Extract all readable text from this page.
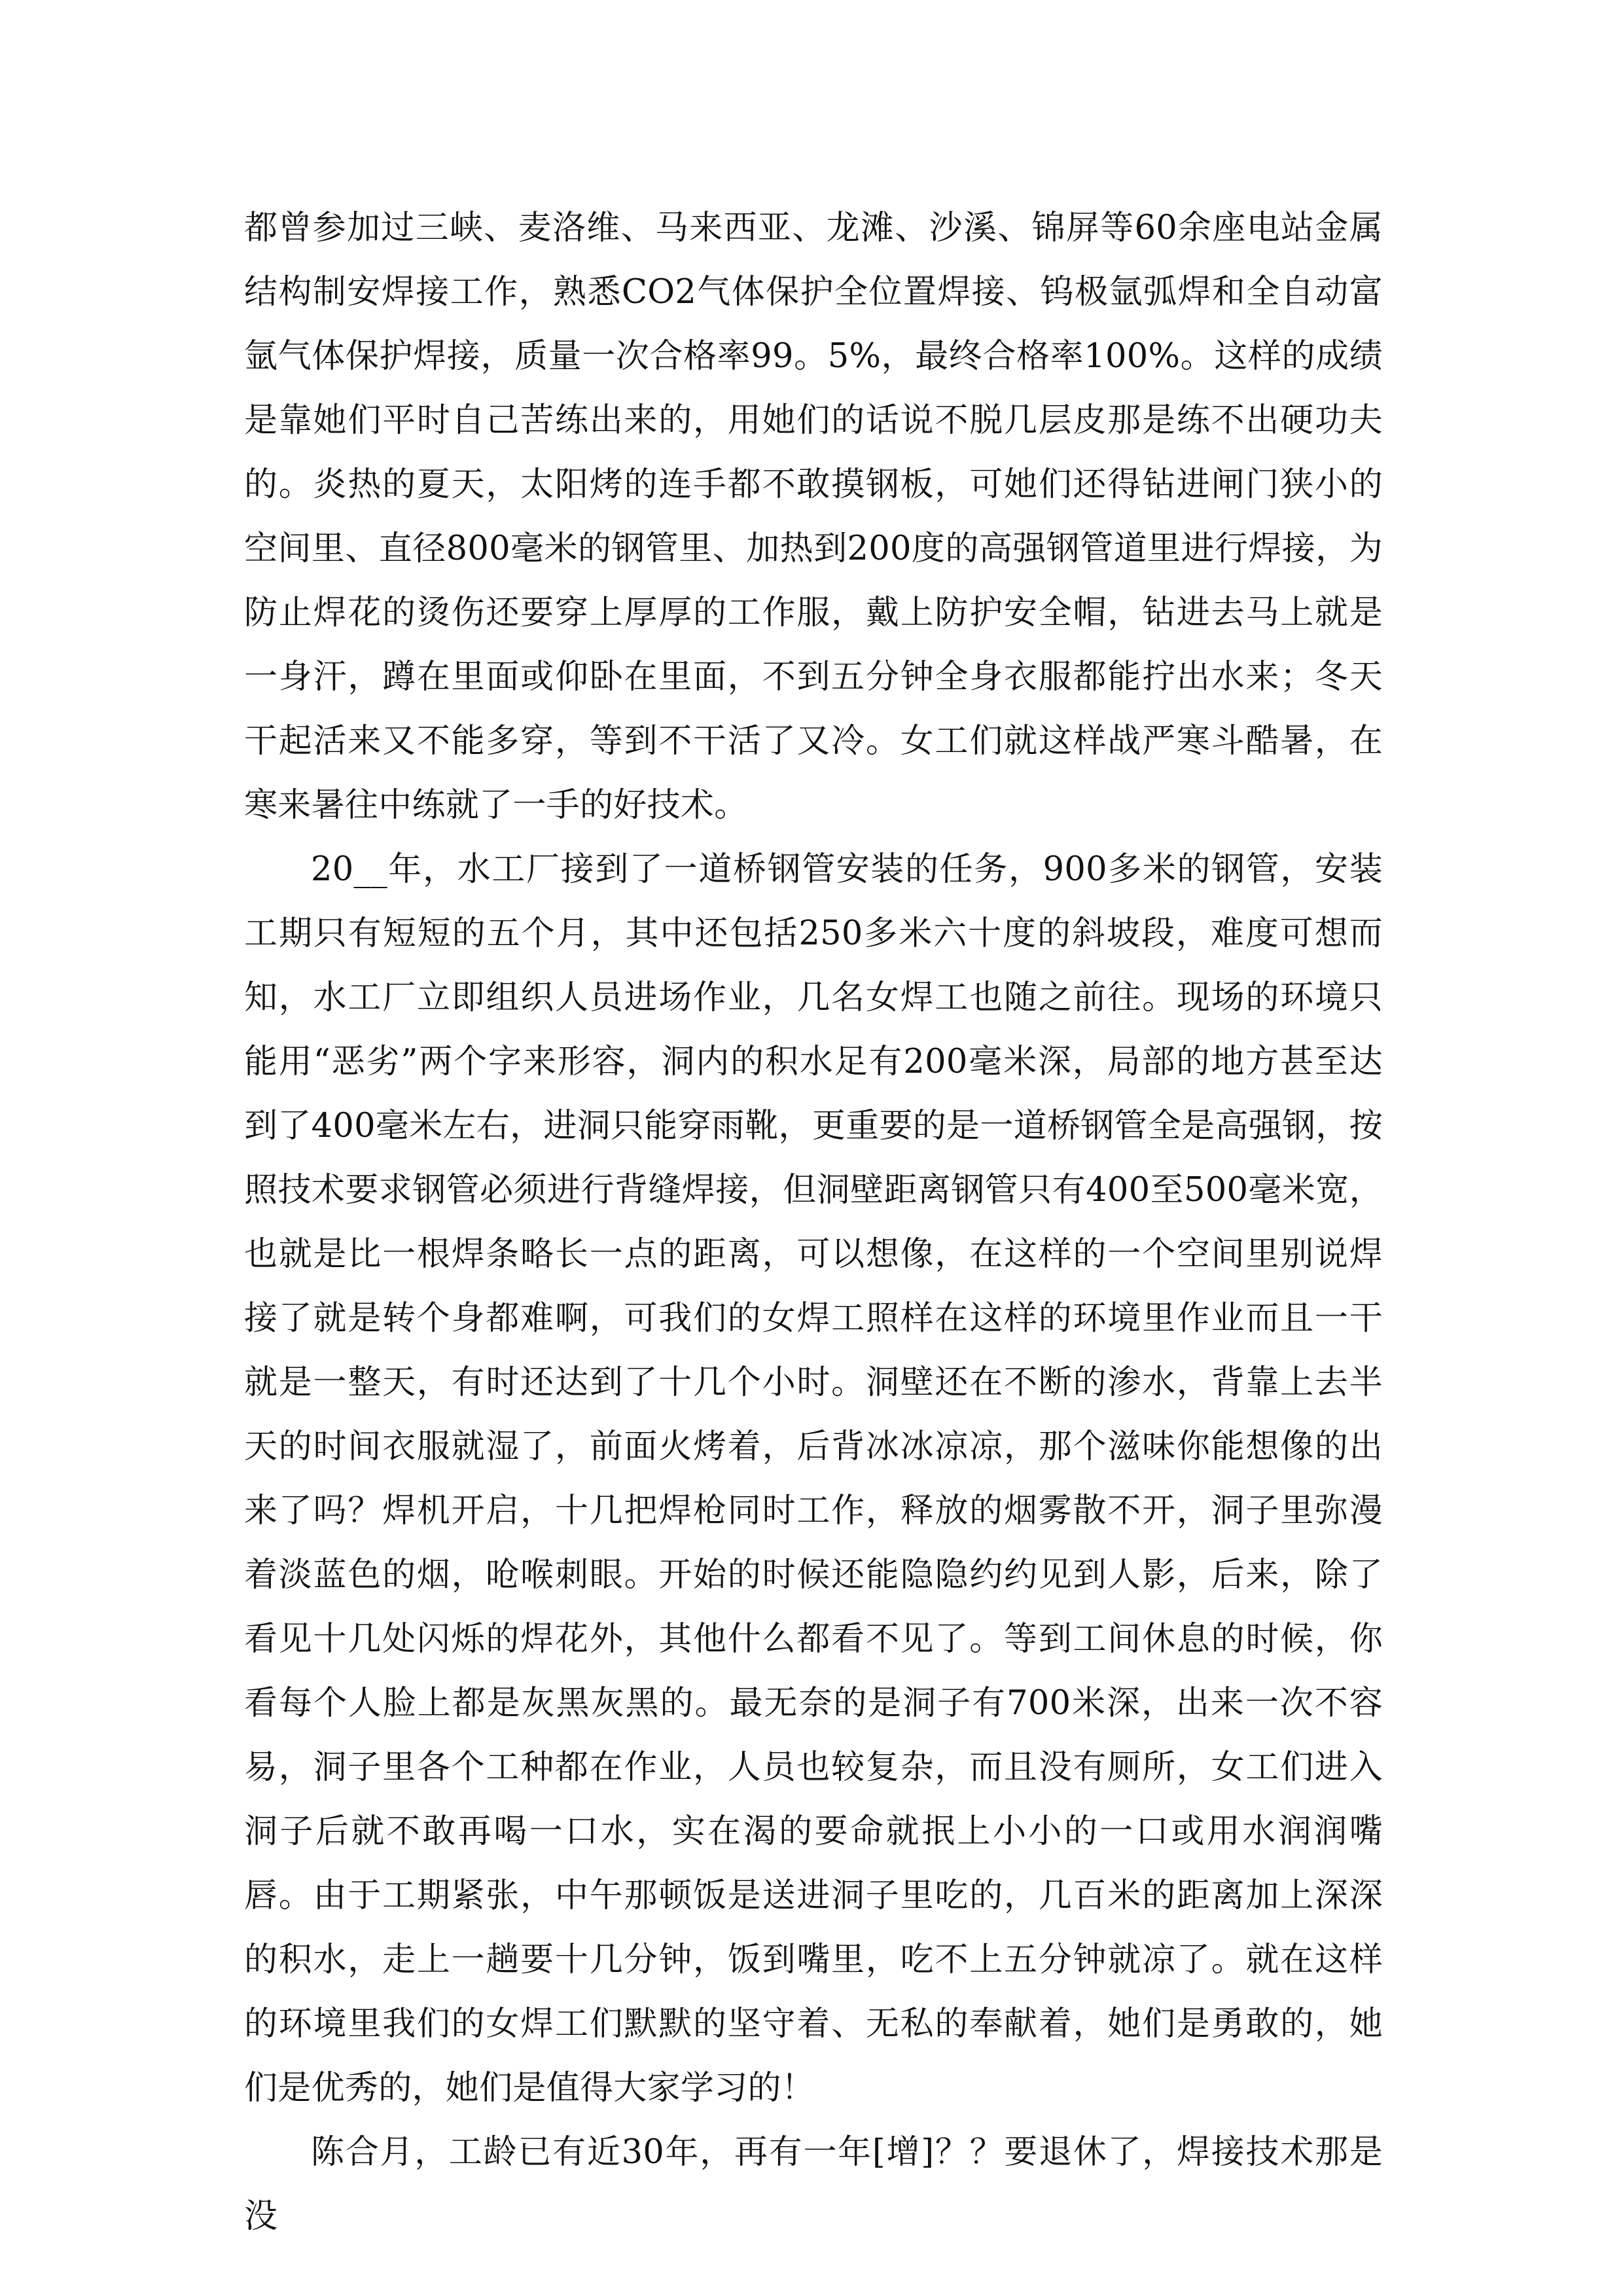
都曾参加过三峡、麦洛维、马来西亚、龙滩、沙溪、锦屏等60余座电站金属结构制安焊接工作，熟悉CO2气体保护全位置焊接、钨极氩弧焊和全自动富氩气体保护焊接，质量一次合格率99。5%，最终合格率100%。这样的成绩是靠她们平时自己苦练出来的，用她们的话说不脱几层皮那是练不出硬功夫的。炎热的夏天，太阳烤的连手都不敢摸钢板，可她们还得钻进闸门狭小的空间里、直径800毫米的钢管里、加热到200度的高强钢管道里进行焊接，为防止焊花的烫伤还要穿上厚厚的工作服，戴上防护安全帽，钻进去马上就是一身汗，蹲在里面或仰卧在里面，不到五分钟全身衣服都能拧出水来；冬天干起活来又不能多穿，等到不干活了又冷。女工们就这样战严寒斗酷暑，在寒来暑往中练就了一手的好技术。

20__年，水工厂接到了一道桥钢管安装的任务，900多米的钢管，安装工期只有短短的五个月，其中还包括250多米六十度的斜坡段，难度可想而知，水工厂立即组织人员进场作业，几名女焊工也随之前往。现场的环境只能用“恶劣”两个字来形容，洞内的积水足有200毫米深，局部的地方甚至达到了400毫米左右，进洞只能穿雨靴，更重要的是一道桥钢管全是高强钢，按照技术要求钢管必须进行背缝焊接，但洞壁距离钢管只有400至500毫米宽，也就是比一根焊条略长一点的距离，可以想像，在这样的一个空间里别说焊接了就是转个身都难啊，可我们的女焊工照样在这样的环境里作业而且一干就是一整天，有时还达到了十几个小时。洞壁还在不断的渗水，背靠上去半天的时间衣服就湿了，前面火烤着，后背冰冰凉凉，那个滋味你能想像的出来了吗？焊机开启，十几把焊枪同时工作，释放的烟雾散不开，洞子里弥漫着淡蓝色的烟，呛喉刺眼。开始的时候还能隐隐约约见到人影，后来，除了看见十几处闪烁的焊花外，其他什么都看不见了。等到工间休息的时候，你看每个人脸上都是灰黑灰黑的。最无奈的是洞子有700米深，出来一次不容易，洞子里各个工种都在作业，人员也较复杂，而且没有厕所，女工们进入洞子后就不敢再喝一口水，实在渴的要命就抿上小小的一口或用水润润嘴唇。由于工期紧张，中午那顿饭是送进洞子里吃的，几百米的距离加上深深的积水，走上一趟要十几分钟，饭到嘴里，吃不上五分钟就凉了。就在这样的环境里我们的女焊工们默默的坚守着、无私的奉献着，她们是勇敢的，她们是优秀的，她们是值得大家学习的！

陈合月，工龄已有近30年，再有一年[增]？？要退休了，焊接技术那是没
